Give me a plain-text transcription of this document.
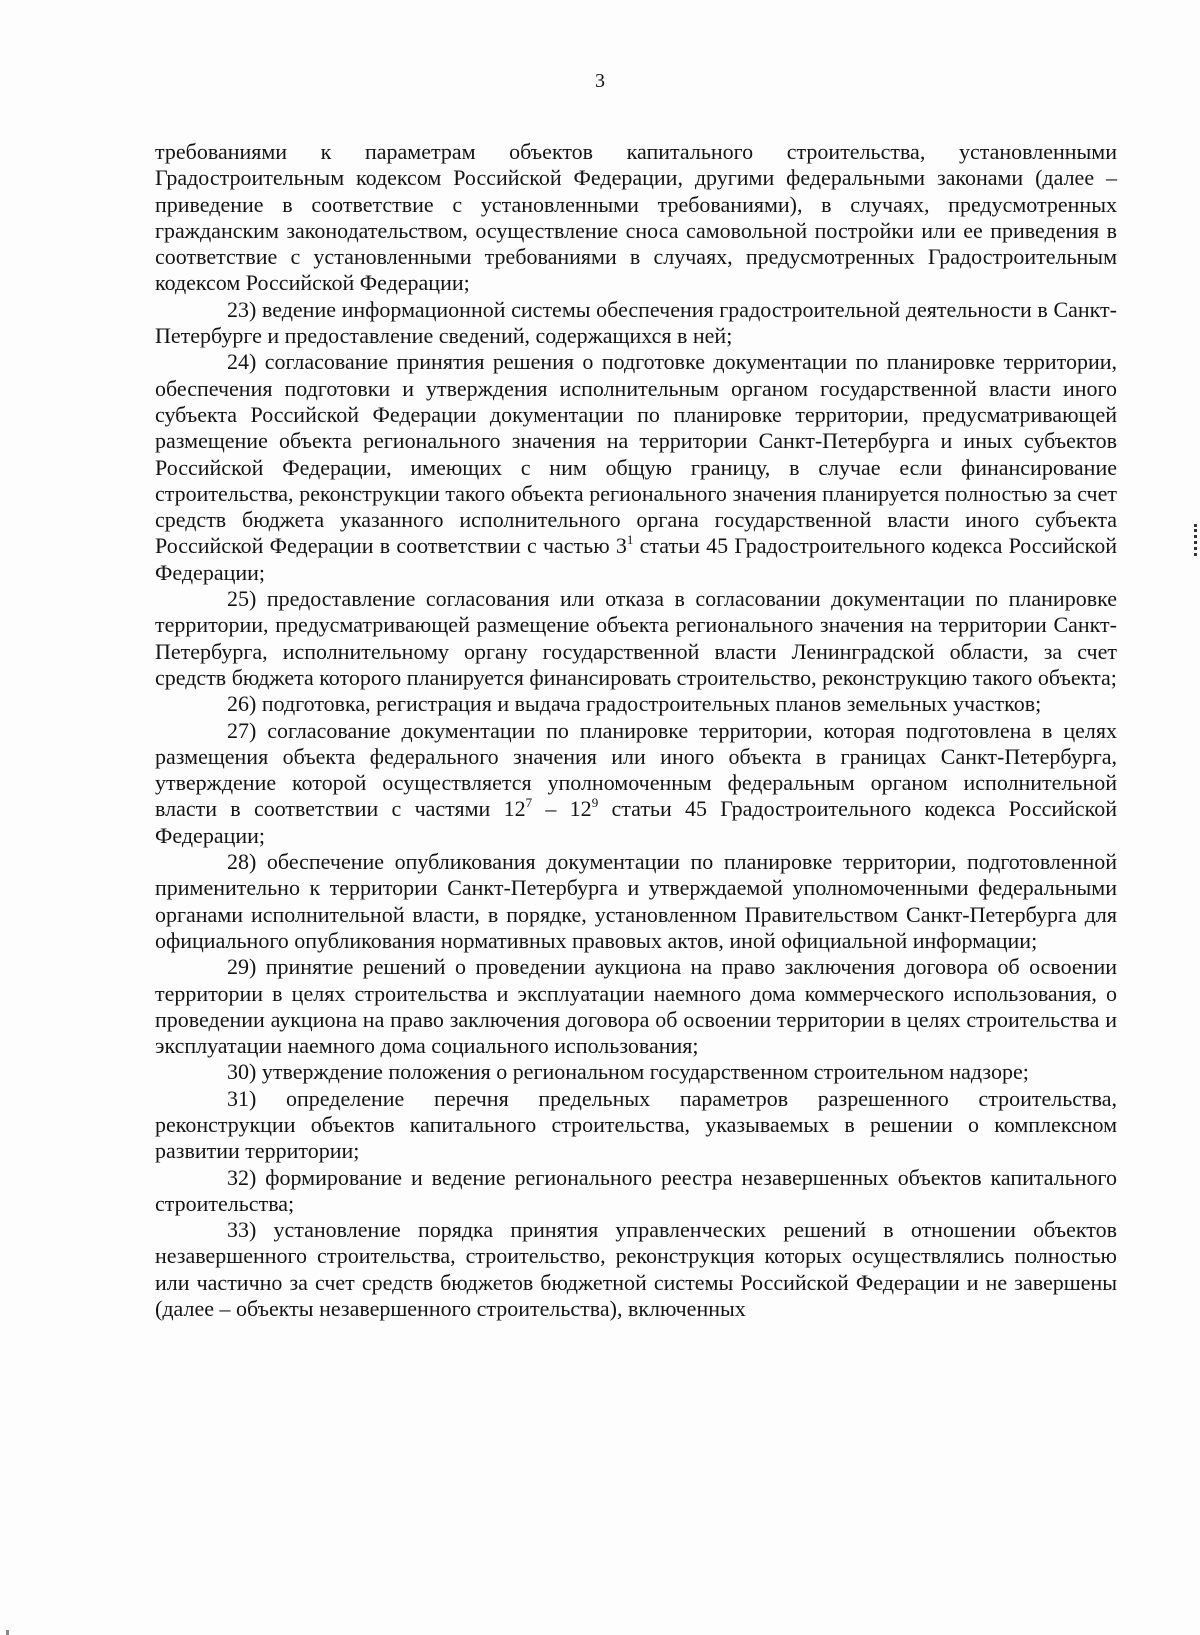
3

требованиями к параметрам объектов капитального строительства, установленными Градостроительным кодексом Российской Федерации, другими федеральными законами (далее – приведение в соответствие с установленными требованиями), в случаях, предусмотренных гражданским законодательством, осуществление сноса самовольной постройки или ее приведения в соответствие с установленными требованиями в случаях, предусмотренных Градостроительным кодексом Российской Федерации;

23) ведение информационной системы обеспечения градостроительной деятельности в Санкт-Петербурге и предоставление сведений, содержащихся в ней;

24) согласование принятия решения о подготовке документации по планировке территории, обеспечения подготовки и утверждения исполнительным органом государственной власти иного субъекта Российской Федерации документации по планировке территории, предусматривающей размещение объекта регионального значения на территории Санкт-Петербурга и иных субъектов Российской Федерации, имеющих с ним общую границу, в случае если финансирование строительства, реконструкции такого объекта регионального значения планируется полностью за счет средств бюджета указанного исполнительного органа государственной власти иного субъекта Российской Федерации в соответствии с частью $3^1$ статьи 45 Градостроительного кодекса Российской Федерации;

25) предоставление согласования или отказа в согласовании документации по планировке территории, предусматривающей размещение объекта регионального значения на территории Санкт-Петербурга, исполнительному органу государственной власти Ленинградской области, за счет средств бюджета которого планируется финансировать строительство, реконструкцию такого объекта;

26) подготовка, регистрация и выдача градостроительных планов земельных участков;

27) согласование документации по планировке территории, которая подготовлена в целях размещения объекта федерального значения или иного объекта в границах Санкт-Петербурга, утверждение которой осуществляется уполномоченным федеральным органом исполнительной власти в соответствии с частями $12^7 - 12^9$ статьи 45 Градостроительного кодекса Российской Федерации;

28) обеспечение опубликования документации по планировке территории, подготовленной применительно к территории Санкт-Петербурга и утверждаемой уполномоченными федеральными органами исполнительной власти, в порядке, установленном Правительством Санкт-Петербурга для официального опубликования нормативных правовых актов, иной официальной информации;

29) принятие решений о проведении аукциона на право заключения договора об освоении территории в целях строительства и эксплуатации наемного дома коммерческого использования, о проведении аукциона на право заключения договора об освоении территории в целях строительства и эксплуатации наемного дома социального использования;

30) утверждение положения о региональном государственном строительном надзоре;

31) определение перечня предельных параметров разрешенного строительства, реконструкции объектов капитального строительства, указываемых в решении о комплексном развитии территории;

32) формирование и ведение регионального реестра незавершенных объектов капитального строительства;

33) установление порядка принятия управленческих решений в отношении объектов незавершенного строительства, строительство, реконструкция которых осуществлялись полностью или частично за счет средств бюджетов бюджетной системы Российской Федерации и не завершены (далее – объекты незавершенного строительства), включенных
